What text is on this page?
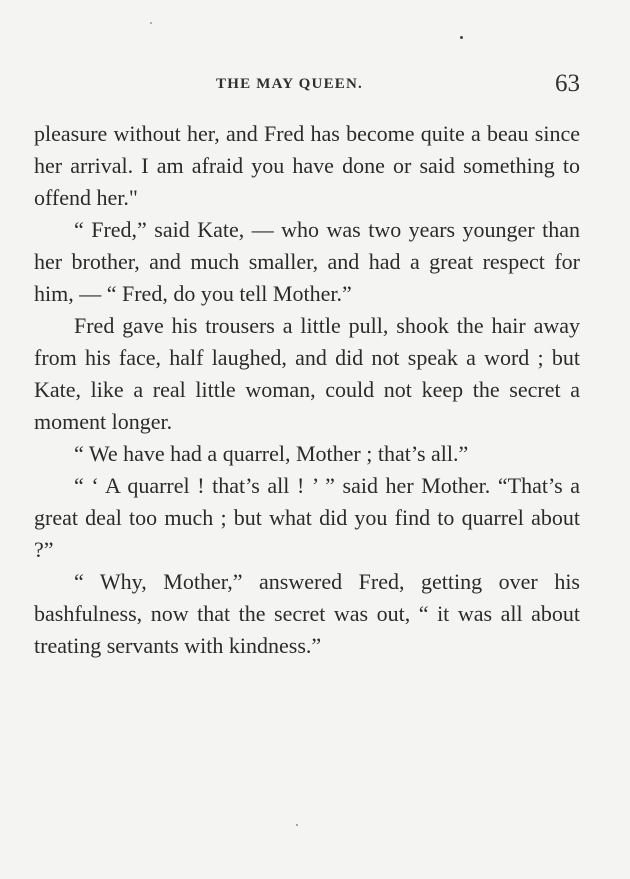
THE MAY QUEEN.	63

pleasure without her, and Fred has become quite a beau since her arrival. I am afraid you have done or said something to offend her."

“ Fred,” said Kate, — who was two years younger than her brother, and much smaller, and had a great respect for him, — “ Fred, do you tell Mother.”

Fred gave his trousers a little pull, shook the hair away from his face, half laughed, and did not speak a word ; but Kate, like a real little woman, could not keep the secret a moment longer.

“ We have had a quarrel, Mother ; that’s all.”

“ ‘ A quarrel ! that’s all ! ’ ” said her Mother. “That’s a great deal too much ; but what did you find to quarrel about ?”

“ Why, Mother,” answered Fred, getting over his bashfulness, now that the secret was out, “ it was all about treating servants with kindness.”
